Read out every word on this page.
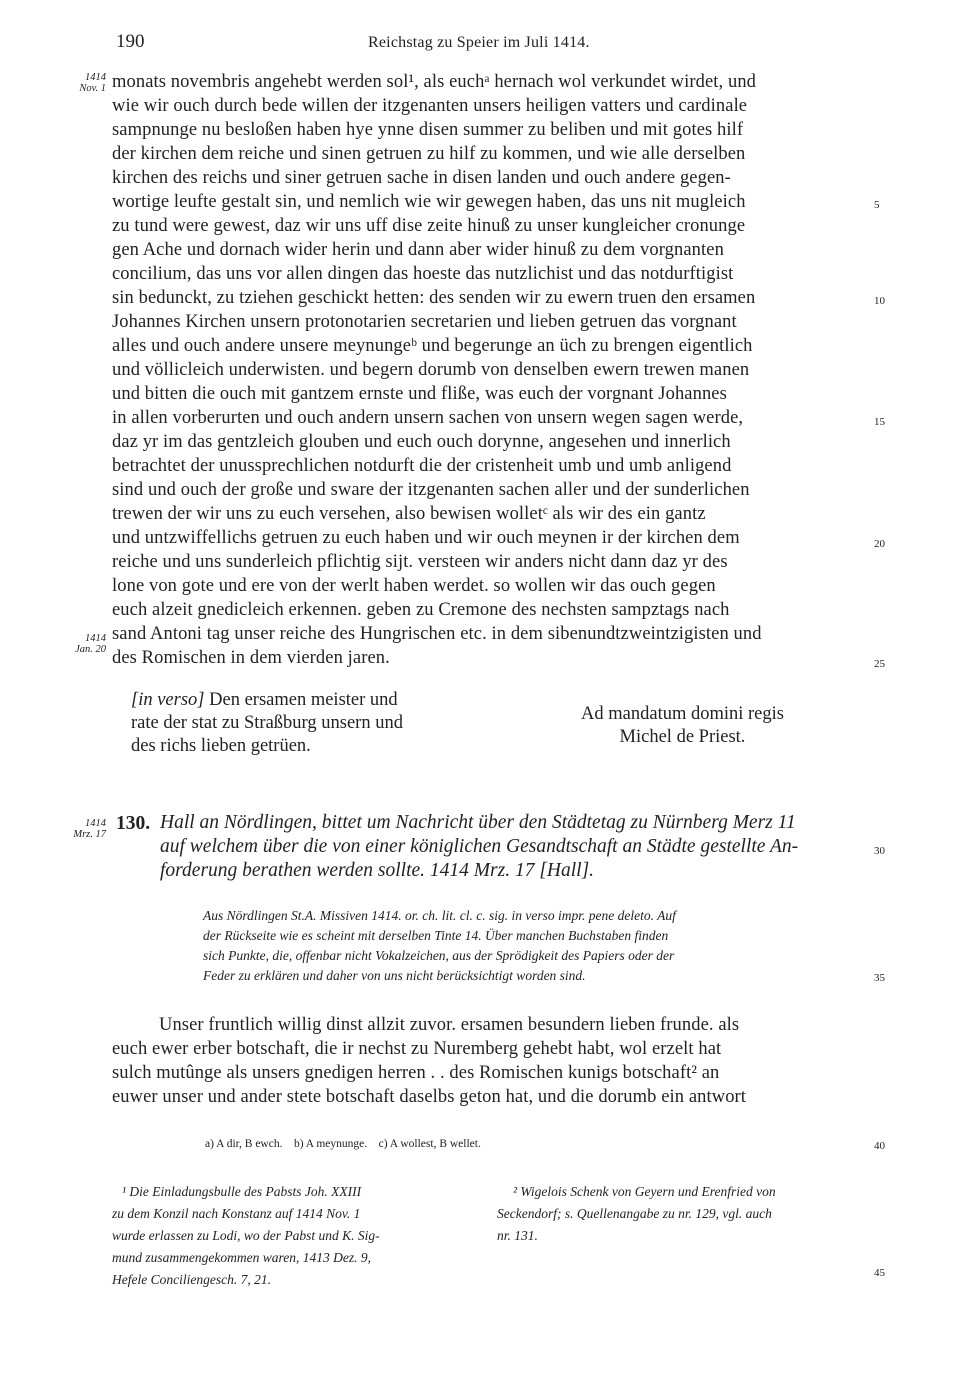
190	Reichstag zu Speier im Juli 1414.
1414
Nov. 1
1414
Jan. 20
1414
Mrz. 17
5
10
15
20
25
30
35
40
45
monats novembris angehebt werden sol¹, als euchᵃ hernach wol verkundet wirdet, und
wie wir ouch durch bede willen der itzgenanten unsers heiligen vatters und cardinale
sampnunge nu besloßen haben hye ynne disen summer zu beliben und mit gotes hilf
der kirchen dem reiche und sinen getruen zu hilf zu kommen, und wie alle derselben
kirchen des reichs und siner getruen sache in disen landen und ouch andere gegen-
wortige leufte gestalt sin, und nemlich wie wir gewegen haben, das uns nit mugleich
zu tund were gewest, daz wir uns uff dise zeite hinuß zu unser kungleicher cronunge
gen Ache und dornach wider herin und dann aber wider hinuß zu dem vorgnanten
concilium, das uns vor allen dingen das hoeste das nutzlichist und das notdurftigist
sin bedunckt, zu tziehen geschickt hetten: des senden wir zu ewern truen den ersamen
Johannes Kirchen unsern protonotarien secretarien und lieben getruen das vorgnant
alles und ouch andere unsere meynungeᵇ und begerunge an üch zu brengen eigentlich
und völlicleich underwisten. und begern dorumb von denselben ewern trewen manen
und bitten die ouch mit gantzem ernste und fliße, was euch der vorgnant Johannes
in allen vorberurten und ouch andern unsern sachen von unsern wegen sagen werde,
daz yr im das gentzleich glouben und euch ouch dorynne, angesehen und innerlich
betrachtet der unussprechlichen notdurft die der cristenheit umb und umb anligend
sind und ouch der große und sware der itzgenanten sachen aller und der sunderlichen
trewen der wir uns zu euch versehen, also bewisen wolletᶜ als wir des ein gantz
und untzwiffellichs getruen zu euch haben und wir ouch meynen ir der kirchen dem
reiche und uns sunderleich pflichtig sijt. versteen wir anders nicht dann daz yr des
lone von gote und ere von der werlt haben werdet. so wollen wir das ouch gegen
euch alzeit gnedicleich erkennen. geben zu Cremone des nechsten sampztags nach
sand Antoni tag unser reiche des Hungrischen etc. in dem sibenundtzweintzigisten und
des Romischen in dem vierden jaren.
[in verso] Den ersamen meister und
rate der stat zu Straßburg unsern und
des richs lieben getrüen.
Ad mandatum domini regis
Michel de Priest.
130. Hall an Nördlingen, bittet um Nachricht über den Städtetag zu Nürnberg Merz 11
auf welchem über die von einer königlichen Gesandtschaft an Städte gestellte An-
forderung berathen werden sollte. 1414 Mrz. 17 [Hall].
Aus Nördlingen St.A. Missiven 1414. or. ch. lit. cl. c. sig. in verso impr. pene deleto. Auf
der Rückseite wie es scheint mit derselben Tinte 14. Über manchen Buchstaben finden
sich Punkte, die, offenbar nicht Vokalzeichen, aus der Sprödigkeit des Papiers oder der
Feder zu erklären und daher von uns nicht berücksichtigt worden sind.
Unser fruntlich willig dinst allzit zuvor. ersamen besundern lieben frunde. als
euch ewer erber botschaft, die ir nechst zu Nuremberg gehebt habt, wol erzelt hat
sulch mutûnge als unsers gnedigen herren . . des Romischen kunigs botschaft² an
euwer unser und ander stete botschaft daselbs geton hat, und die dorumb ein antwort
a) A dir, B ewch. b) A meynunge. c) A wollest, B wellet.
¹ Die Einladungsbulle des Pabsts Joh. XXIII
zu dem Konzil nach Konstanz auf 1414 Nov. 1
wurde erlassen zu Lodi, wo der Pabst und K. Sig-
mund zusammengekommen waren, 1413 Dez. 9,
Hefele Conciliengesch. 7, 21.
² Wigelois Schenk von Geyern und Erenfried von
Seckendorf; s. Quellenangabe zu nr. 129, vgl. auch
nr. 131.
